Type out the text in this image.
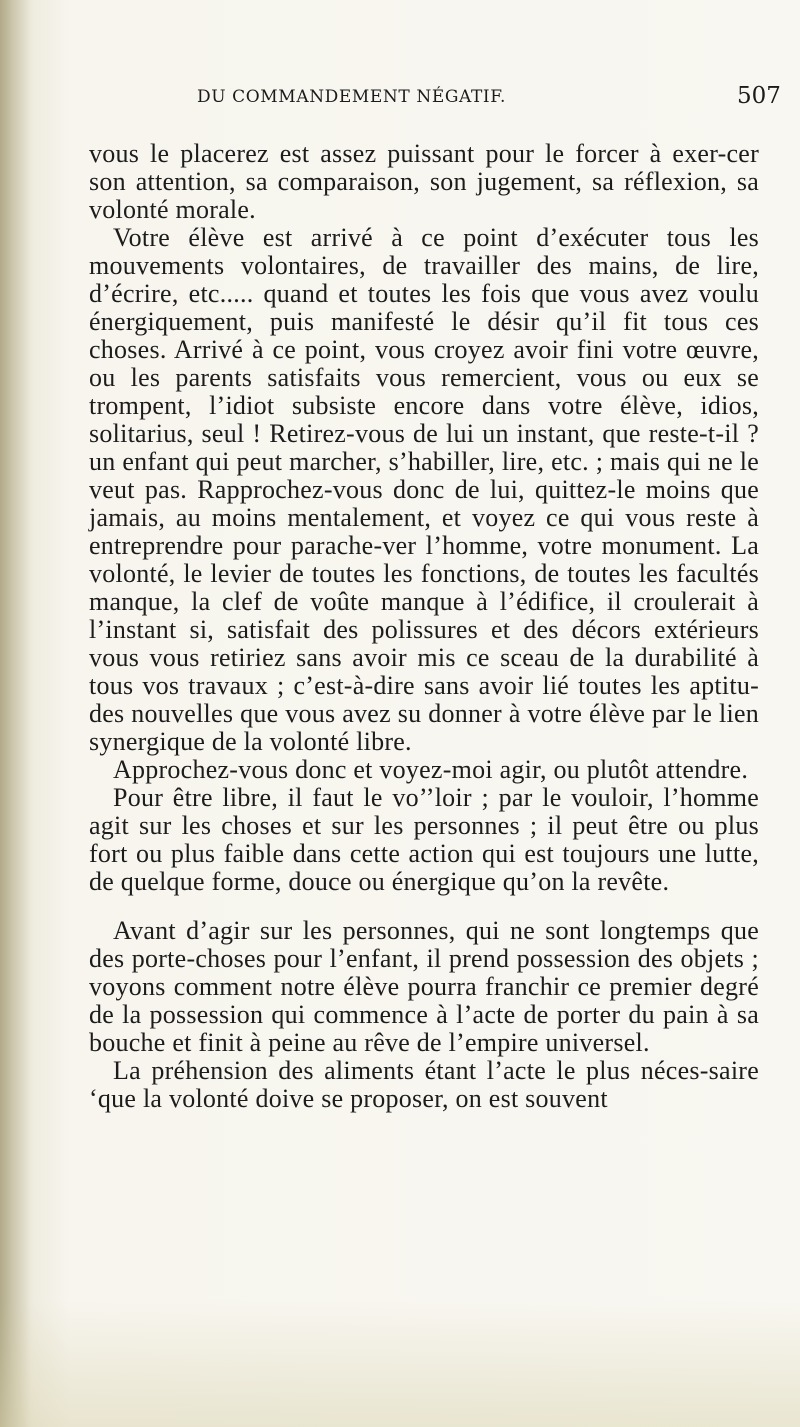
DU COMMANDEMENT NÉGATIF.	507

vous le placerez est assez puissant pour le forcer à exer-cer son attention, sa comparaison, son jugement, sa réflexion, sa volonté morale.

Votre élève est arrivé à ce point d’exécuter tous les mouvements volontaires, de travailler des mains, de lire, d’écrire, etc..... quand et toutes les fois que vous avez voulu énergiquement, puis manifesté le désir qu’il fit tous ces choses. Arrivé à ce point, vous croyez avoir fini votre œuvre, ou les parents satisfaits vous remercient, vous ou eux se trompent, l’idiot subsiste encore dans votre élève, idios, solitarius, seul ! Retirez-vous de lui un instant, que reste-t-il ? un enfant qui peut marcher, s’habiller, lire, etc. ; mais qui ne le veut pas. Rapprochez-vous donc de lui, quittez-le moins que jamais, au moins mentalement, et voyez ce qui vous reste à entreprendre pour parache-ver l’homme, votre monument. La volonté, le levier de toutes les fonctions, de toutes les facultés manque, la clef de voûte manque à l’édifice, il croulerait à l’instant si, satisfait des polissures et des décors extérieurs vous vous retiriez sans avoir mis ce sceau de la durabilité à tous vos travaux ; c’est-à-dire sans avoir lié toutes les aptitu-des nouvelles que vous avez su donner à votre élève par le lien synergique de la volonté libre.

Approchez-vous donc et voyez-moi agir, ou plutôt attendre.

Pour être libre, il faut le vo’’loir ; par le vouloir, l’homme agit sur les choses et sur les personnes ; il peut être ou plus fort ou plus faible dans cette action qui est toujours une lutte, de quelque forme, douce ou énergique qu’on la revête.

Avant d’agir sur les personnes, qui ne sont longtemps que des porte-choses pour l’enfant, il prend possession des objets ; voyons comment notre élève pourra franchir ce premier degré de la possession qui commence à l’acte de porter du pain à sa bouche et finit à peine au rêve de l’empire universel.

La préhension des aliments étant l’acte le plus néces-saire ‘que la volonté doive se proposer, on est souvent
